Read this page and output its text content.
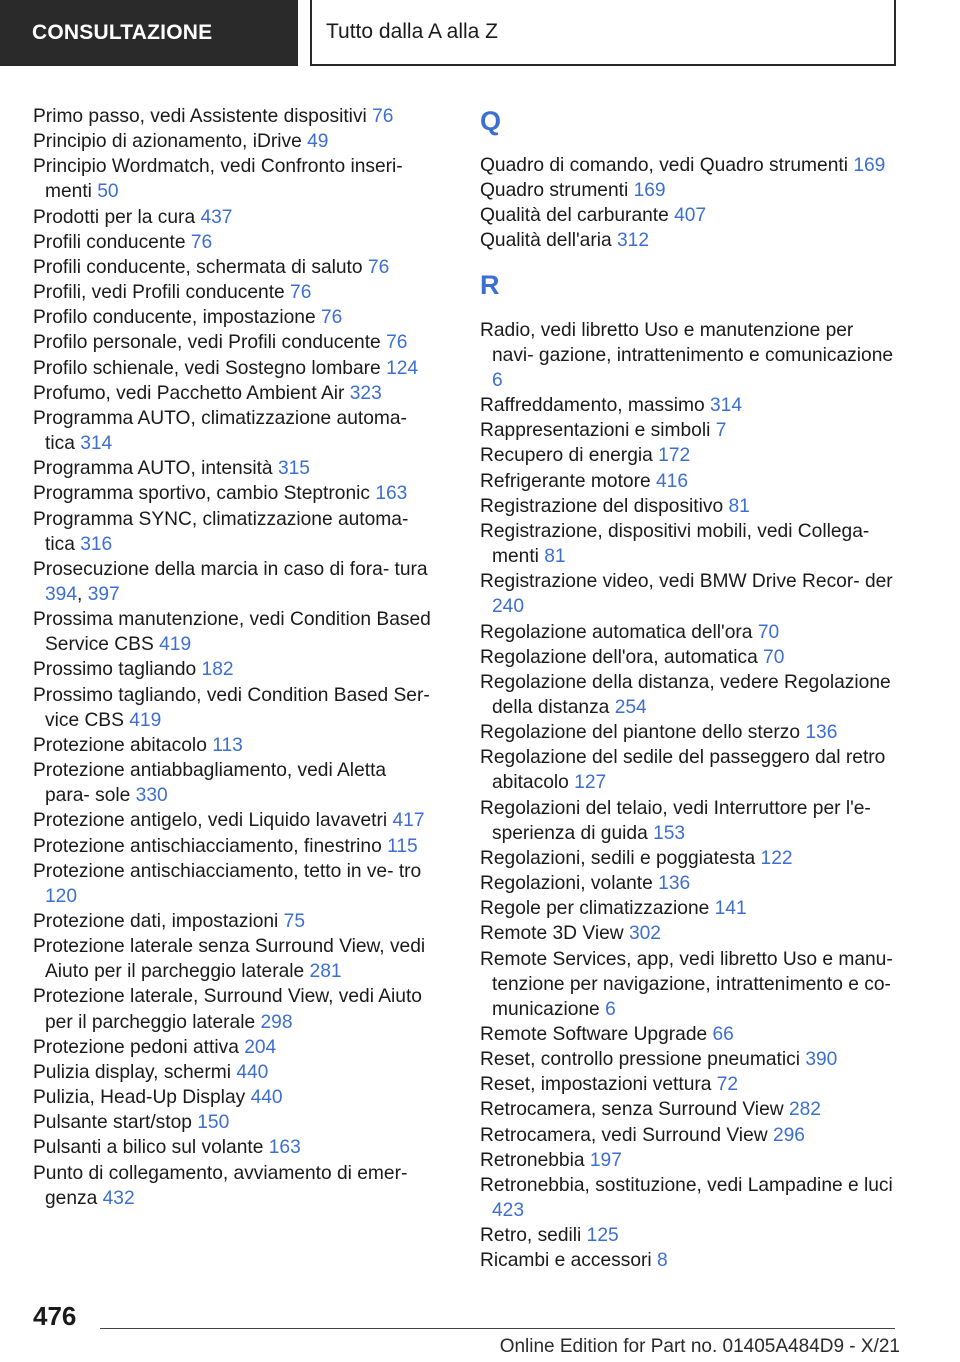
CONSULTAZIONE	Tutto dalla A alla Z
Primo passo, vedi Assistente dispositivi 76
Principio di azionamento, iDrive 49
Principio Wordmatch, vedi Confronto inseri- menti 50
Prodotti per la cura 437
Profili conducente 76
Profili conducente, schermata di saluto 76
Profili, vedi Profili conducente 76
Profilo conducente, impostazione 76
Profilo personale, vedi Profili conducente 76
Profilo schienale, vedi Sostegno lombare 124
Profumo, vedi Pacchetto Ambient Air 323
Programma AUTO, climatizzazione automa- tica 314
Programma AUTO, intensità 315
Programma sportivo, cambio Steptronic 163
Programma SYNC, climatizzazione automa- tica 316
Prosecuzione della marcia in caso di fora- tura 394, 397
Prossima manutenzione, vedi Condition Based Service CBS 419
Prossimo tagliando 182
Prossimo tagliando, vedi Condition Based Ser- vice CBS 419
Protezione abitacolo 113
Protezione antiabbagliamento, vedi Aletta para- sole 330
Protezione antigelo, vedi Liquido lavavetri 417
Protezione antischiacciamento, finestrino 115
Protezione antischiacciamento, tetto in ve- tro 120
Protezione dati, impostazioni 75
Protezione laterale senza Surround View, vedi Aiuto per il parcheggio laterale 281
Protezione laterale, Surround View, vedi Aiuto per il parcheggio laterale 298
Protezione pedoni attiva 204
Pulizia display, schermi 440
Pulizia, Head-Up Display 440
Pulsante start/stop 150
Pulsanti a bilico sul volante 163
Punto di collegamento, avviamento di emer- genza 432
Q
Quadro di comando, vedi Quadro strumenti 169
Quadro strumenti 169
Qualità del carburante 407
Qualità dell'aria 312
R
Radio, vedi libretto Uso e manutenzione per navi- gazione, intrattenimento e comunicazione 6
Raffreddamento, massimo 314
Rappresentazioni e simboli 7
Recupero di energia 172
Refrigerante motore 416
Registrazione del dispositivo 81
Registrazione, dispositivi mobili, vedi Collega- menti 81
Registrazione video, vedi BMW Drive Recor- der 240
Regolazione automatica dell'ora 70
Regolazione dell'ora, automatica 70
Regolazione della distanza, vedere Regolazione della distanza 254
Regolazione del piantone dello sterzo 136
Regolazione del sedile del passeggero dal retro abitacolo 127
Regolazioni del telaio, vedi Interruttore per l'e- sperienza di guida 153
Regolazioni, sedili e poggiatesta 122
Regolazioni, volante 136
Regole per climatizzazione 141
Remote 3D View 302
Remote Services, app, vedi libretto Uso e manu- tenzione per navigazione, intrattenimento e co- municazione 6
Remote Software Upgrade 66
Reset, controllo pressione pneumatici 390
Reset, impostazioni vettura 72
Retrocamera, senza Surround View 282
Retrocamera, vedi Surround View 296
Retronebbia 197
Retronebbia, sostituzione, vedi Lampadine e luci 423
Retro, sedili 125
Ricambi e accessori 8
476
Online Edition for Part no. 01405A484D9 - X/21
